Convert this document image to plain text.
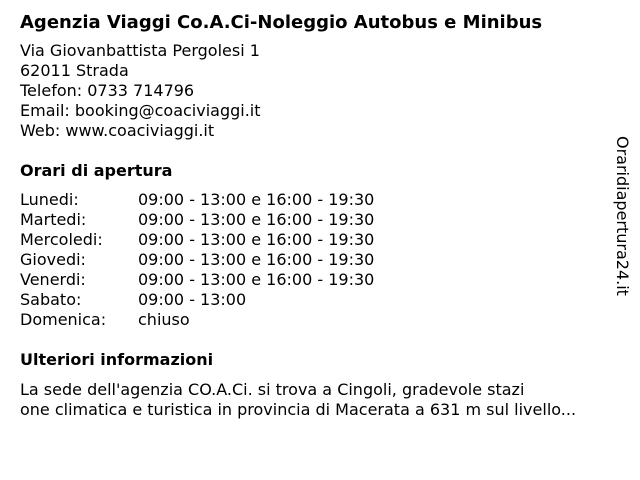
Agenzia Viaggi Co.A.Ci-Noleggio Autobus e Minibus
Via Giovanbattista Pergolesi 1
62011 Strada
Telefon: 0733 714796
Email: booking@coaciviaggi.it
Web: www.coaciviaggi.it
Orari di apertura
Lunedi:	09:00 - 13:00 e 16:00 - 19:30
Martedi:	09:00 - 13:00 e 16:00 - 19:30
Mercoledi:	09:00 - 13:00 e 16:00 - 19:30
Giovedi:	09:00 - 13:00 e 16:00 - 19:30
Venerdi:	09:00 - 13:00 e 16:00 - 19:30
Sabato:	09:00 - 13:00
Domenica:	chiuso
Ulteriori informazioni
La sede dell'agenzia CO.A.Ci. si trova a Cingoli, gradevole stazi
one climatica e turistica in provincia di Macerata a 631 m sul livello...
Oraridiapertura24.it
